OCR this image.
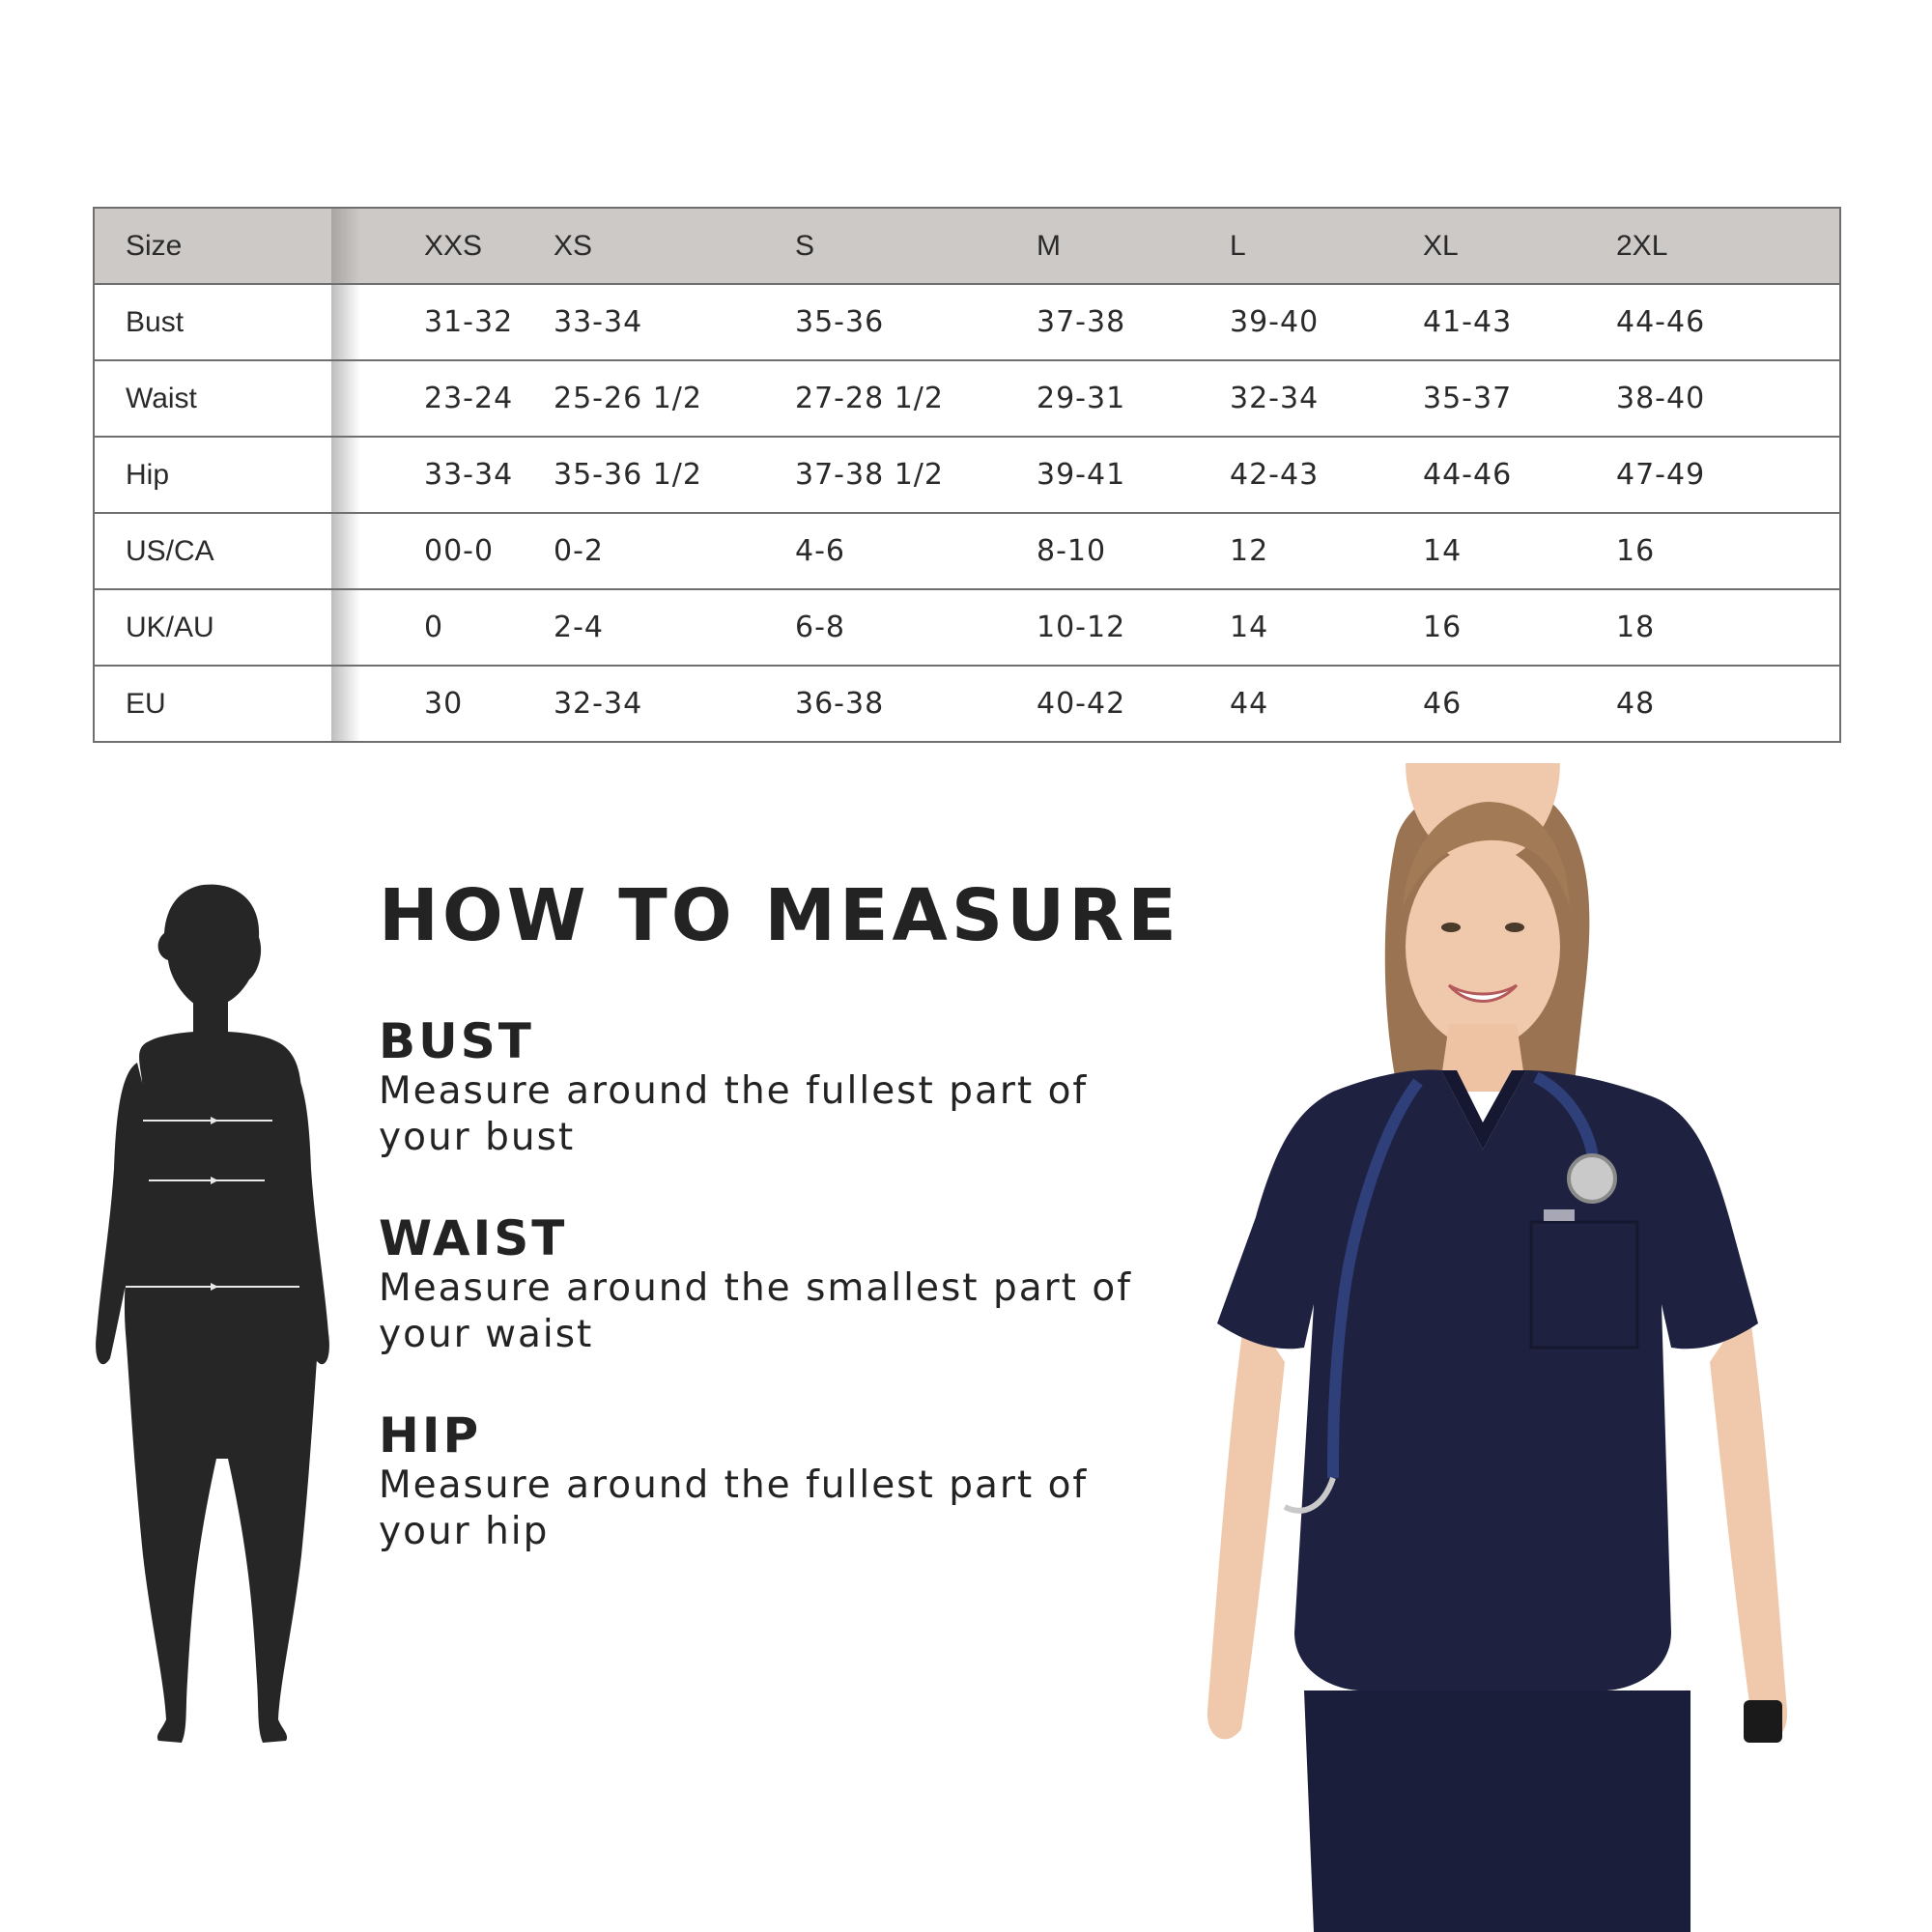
Size	XXS	XS	S	M	L	XL	2XL
Bust	31-32	33-34	35-36	37-38	39-40	41-43	44-46
Waist	23-24	25-26 1/2	27-28 1/2	29-31	32-34	35-37	38-40
Hip	33-34	35-36 1/2	37-38 1/2	39-41	42-43	44-46	47-49
US/CA	00-0	0-2	4-6	8-10	12	14	16
UK/AU	0	2-4	6-8	10-12	14	16	18
EU	30	32-34	36-38	40-42	44	46	48
HOW TO MEASURE
BUST

Measure around the fullest part of your bust

WAIST

Measure around the smallest part of your waist

HIP

Measure around the fullest part of your hip
